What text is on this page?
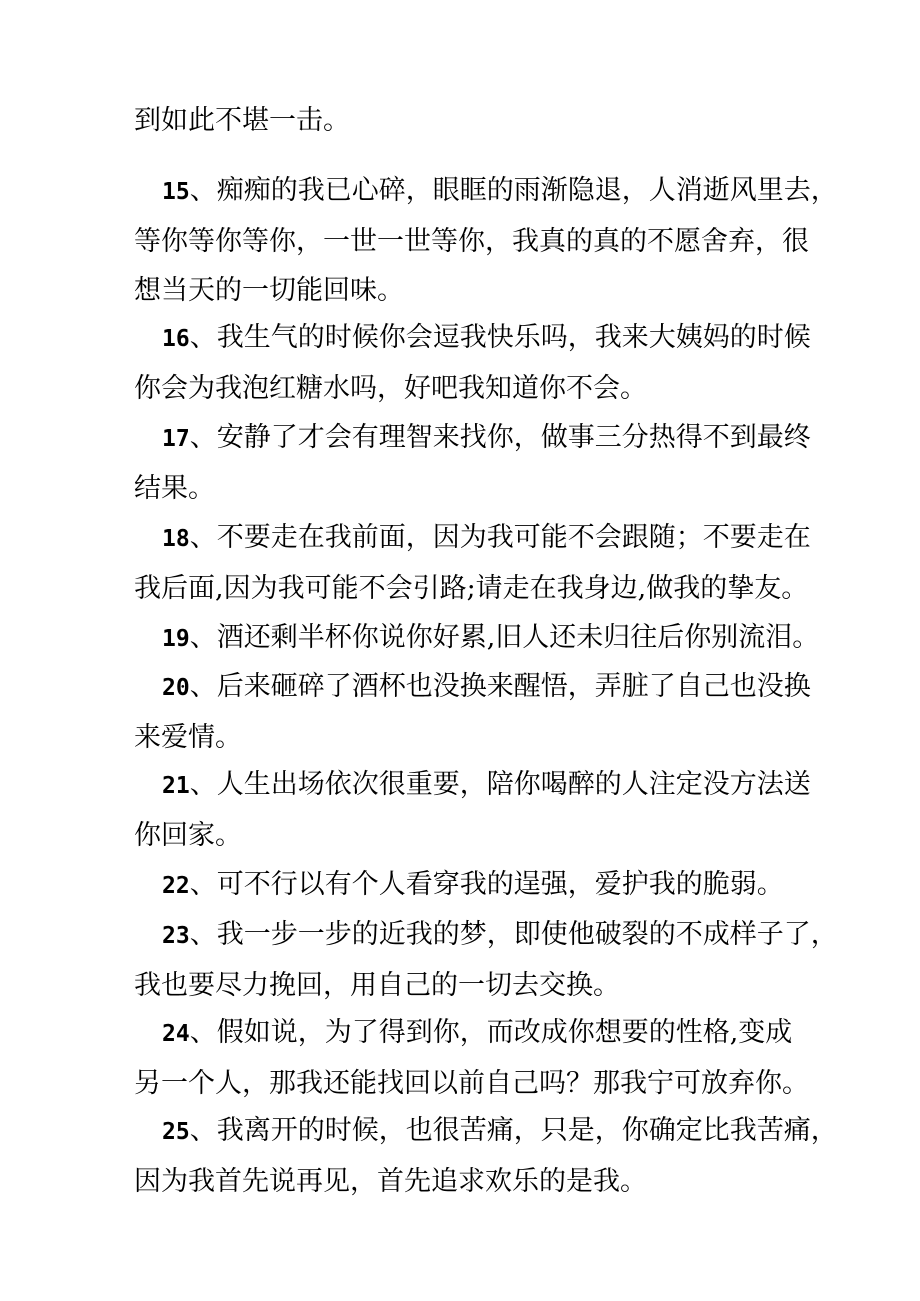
到如此不堪一击。

15、痴痴的我已心碎，眼眶的雨渐隐退，人消逝风里去，
等你等你等你，一世一世等你，我真的真的不愿舍弃，很
想当天的一切能回味。

16、我生气的时候你会逗我快乐吗，我来大姨妈的时候
你会为我泡红糖水吗，好吧我知道你不会。

17、安静了才会有理智来找你，做事三分热得不到最终
结果。

18、不要走在我前面，因为我可能不会跟随；不要走在
我后面,因为我可能不会引路;请走在我身边,做我的挚友。

19、酒还剩半杯你说你好累,旧人还未归往后你别流泪。

20、后来砸碎了酒杯也没换来醒悟，弄脏了自己也没换
来爱情。

21、人生出场依次很重要，陪你喝醉的人注定没方法送
你回家。

22、可不行以有个人看穿我的逞强，爱护我的脆弱。

23、我一步一步的近我的梦，即使他破裂的不成样子了，
我也要尽力挽回，用自己的一切去交换。

24、假如说，为了得到你，而改成你想要的性格,变成
另一个人，那我还能找回以前自己吗？那我宁可放弃你。

25、我离开的时候，也很苦痛，只是，你确定比我苦痛，
因为我首先说再见，首先追求欢乐的是我。
